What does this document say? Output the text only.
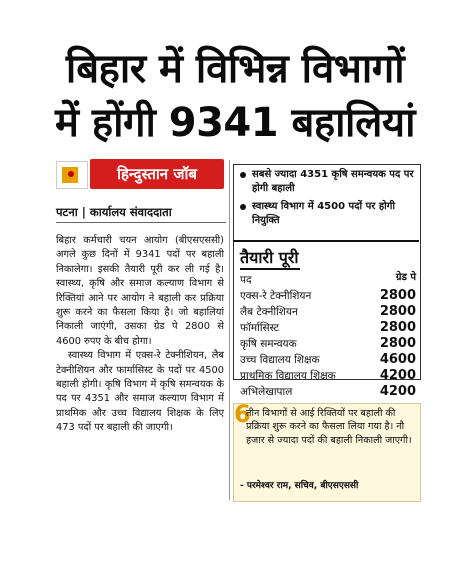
बिहार में विभिन्न विभागों
में होंगी 9341 बहालियां
हिन्दुस्तान जॉब
पटना | कार्यालय संवाददाता

बिहार कर्मचारी चयन आयोग (बीएसएससी) अगले कुछ दिनों में 9341 पदों पर बहाली निकालेगा। इसकी तैयारी पूरी कर ली गई है। स्वास्थ्य, कृषि और समाज कल्याण विभाग से रिक्तियां आने पर आयोग ने बहाली कर प्रक्रिया शुरू करने का फैसला किया है। जो बहालियां निकाली जाएंगी, उसका ग्रेड पे 2800 से 4600 रुपए के बीच होगा।

स्वास्थ्य विभाग में एक्स-रे टेक्नीशियन, लैब टेक्नीशियन और फार्मासिस्ट के पदों पर 4500 बहाली होगी। कृषि विभाग में कृषि समन्वयक के पद पर 4351 और समाज कल्याण विभाग में प्राथमिक और उच्च विद्यालय शिक्षक के लिए 473 पदों पर बहाली की जाएगी।

सबसे ज्यादा 4351 कृषि समन्वयक पद पर होगी बहाली
स्वास्थ्य विभाग में 4500 पदों पर होगी नियुक्ति
तैयारी पूरी
पद	ग्रेड पे
एक्स-रे टेक्नीशियन	2800
लैब टेक्नीशियन	2800
फॉर्मासिस्ट	2800
कृषि समन्वयक	2800
उच्च विद्यालय शिक्षक	4600
प्राथमिक विद्यालय शिक्षक	4200
अभिलेखापाल	4200
6
तीन विभागों से आई रिक्तियों पर बहाली की प्रक्रिया शुरू करने का फैसला लिया गया है। नौ हजार से ज्यादा पदों की बहाली निकाली जाएगी।
- परमेश्वर राम, सचिव, बीएसएससी
